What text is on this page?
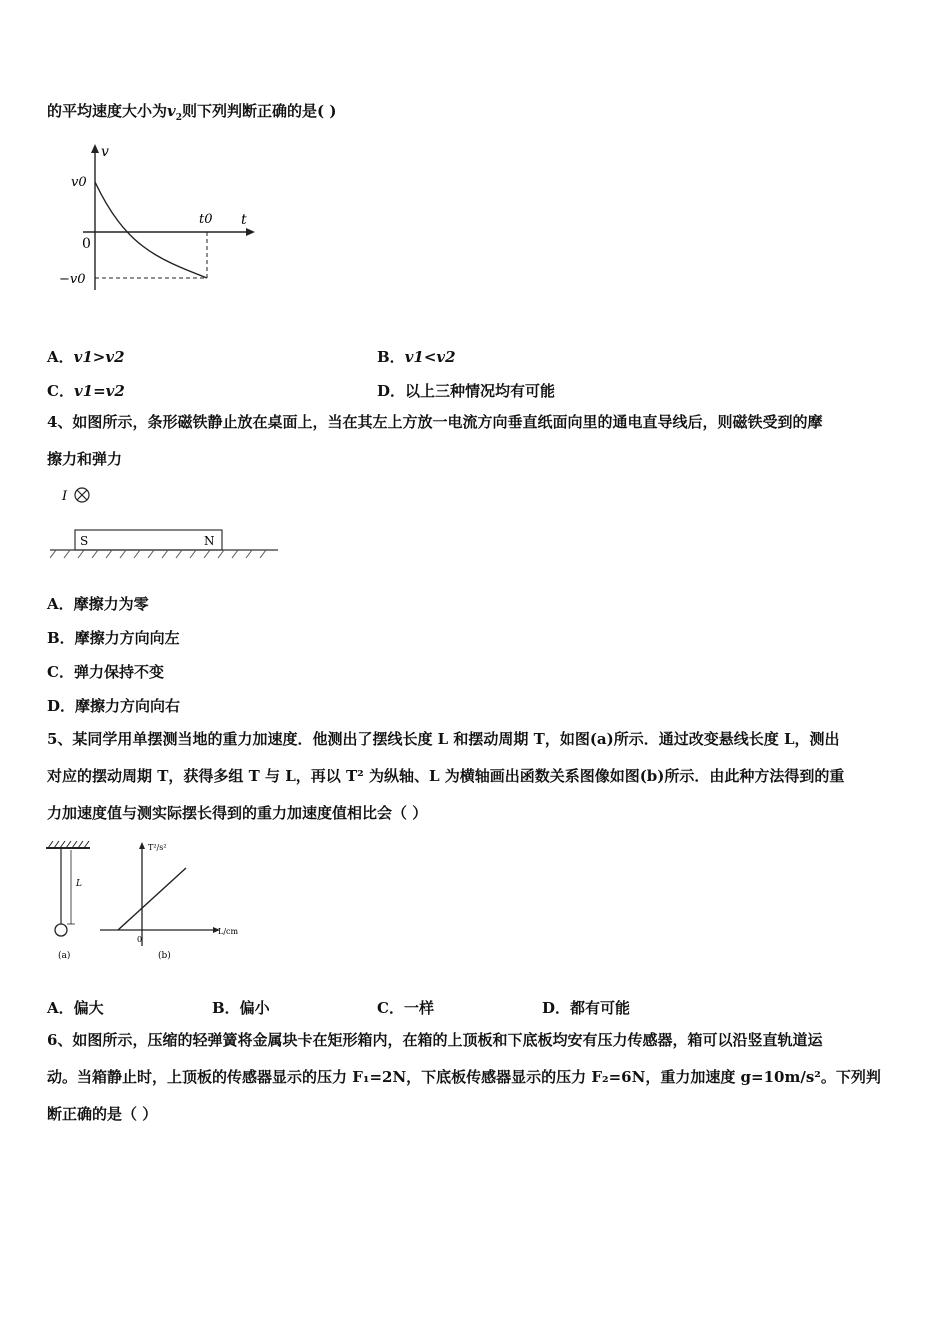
的平均速度大小为$v_2$则下列判断正确的是( )
v
t
v0
0
−v0
t0
A．v1>v2	B．v1<v2
C．v1=v2	D．以上三种情况均有可能
4、如图所示，条形磁铁静止放在桌面上，当在其左上方放一电流方向垂直纸面向里的通电直导线后，则磁铁受到的摩
擦力和弹力
I
S	N
A．摩擦力为零
B．摩擦力方向向左
C．弹力保持不变
D．摩擦力方向向右
5、某同学用单摆测当地的重力加速度．他测出了摆线长度 L 和摆动周期 T，如图(a)所示．通过改变悬线长度 L，测出
对应的摆动周期 T，获得多组 T 与 L，再以 T² 为纵轴、L 为横轴画出函数关系图像如图(b)所示．由此种方法得到的重
力加速度值与测实际摆长得到的重力加速度值相比会（ ）
L
(a)
T²/s²
L/cm
0
(b)
A．偏大	B．偏小	C．一样	D．都有可能
6、如图所示，压缩的轻弹簧将金属块卡在矩形箱内，在箱的上顶板和下底板均安有压力传感器，箱可以沿竖直轨道运
动。当箱静止时，上顶板的传感器显示的压力 F₁=2N，下底板传感器显示的压力 F₂=6N，重力加速度 g=10m/s²。下列判
断正确的是（ ）
